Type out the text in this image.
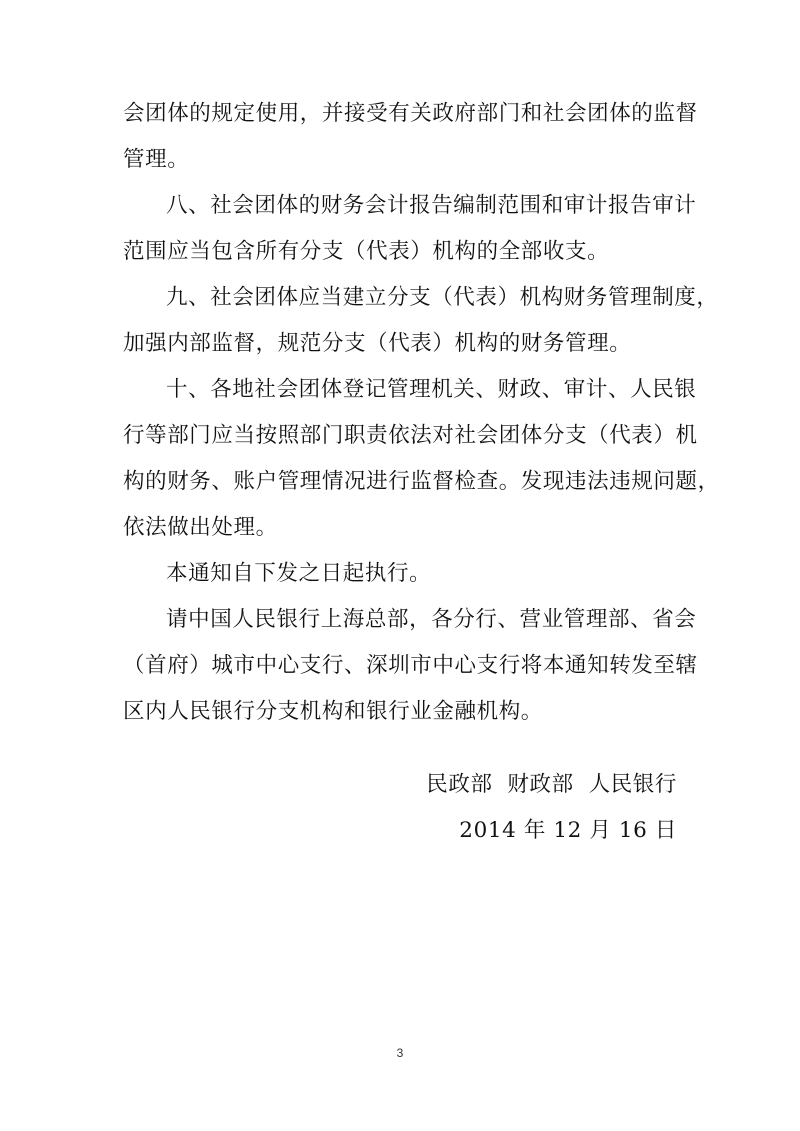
会团体的规定使用，并接受有关政府部门和社会团体的监督
管理。
八、社会团体的财务会计报告编制范围和审计报告审计
范围应当包含所有分支（代表）机构的全部收支。
九、社会团体应当建立分支（代表）机构财务管理制度，
加强内部监督，规范分支（代表）机构的财务管理。
十、各地社会团体登记管理机关、财政、审计、人民银
行等部门应当按照部门职责依法对社会团体分支（代表）机
构的财务、账户管理情况进行监督检查。发现违法违规问题，
依法做出处理。
本通知自下发之日起执行。
请中国人民银行上海总部，各分行、营业管理部、省会
（首府）城市中心支行、深圳市中心支行将本通知转发至辖
区内人民银行分支机构和银行业金融机构。
民政部  财政部  人民银行
2014 年 12 月 16 日
3
